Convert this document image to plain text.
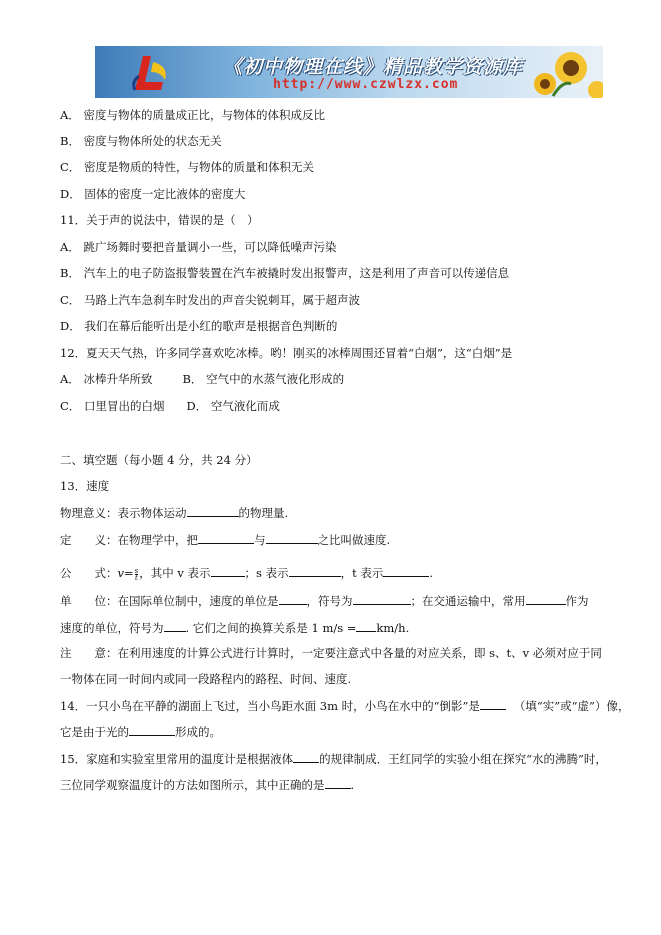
《初中物理在线》精品教学资源库
http://www.czwlzx.com
A． 密度与物体的质量成正比，与物体的体积成反比
B． 密度与物体所处的状态无关
C． 密度是物质的特性，与物体的质量和体积无关
D． 固体的密度一定比液体的密度大
11．关于声的说法中，错误的是（　）
A． 跳广场舞时要把音量调小一些，可以降低噪声污染
B． 汽车上的电子防盗报警装置在汽车被撬时发出报警声，这是利用了声音可以传递信息
C． 马路上汽车急刹车时发出的声音尖锐刺耳，属于超声波
D． 我们在幕后能听出是小红的歌声是根据音色判断的
12．夏天天气热，许多同学喜欢吃冰棒。哟！刚买的冰棒周围还冒着“白烟”，这“白烟”是
A． 冰棒升华所致	B． 空气中的水蒸气液化形成的
C． 口里冒出的白烟 D． 空气液化而成
二、填空题（每小题 4 分，共 24 分）
13．速度
物理意义：表示物体运动	的物理量.
定　　义：在物理学中，把	与	之比叫做速度.
公　　式：$v= \frac{s}{t}$ ，其中 v 表示	；s 表示	，t 表示	.
单　　位：在国际单位制中，速度的单位是 ，符号为	；在交通运输中，常用	作为
速度的单位，符号为 . 它们之间的换算关系是 1 m/s = km/h.
注　　意：在利用速度的计算公式进行计算时，一定要注意式中各量的对应关系，即 s、t、v 必须对应于同
一物体在同一时间内或同一段路程内的路程、时间、速度.
14．一只小鸟在平静的湖面上飞过，当小鸟距水面 3m 时，小鸟在水中的“倒影”是	（填“实”或“虚”）像，
它是由于光的	形成的。
15．家庭和实验室里常用的温度计是根据液体 的规律制成．王红同学的实验小组在探究“水的沸腾”时，
三位同学观察温度计的方法如图所示，其中正确的是 .
